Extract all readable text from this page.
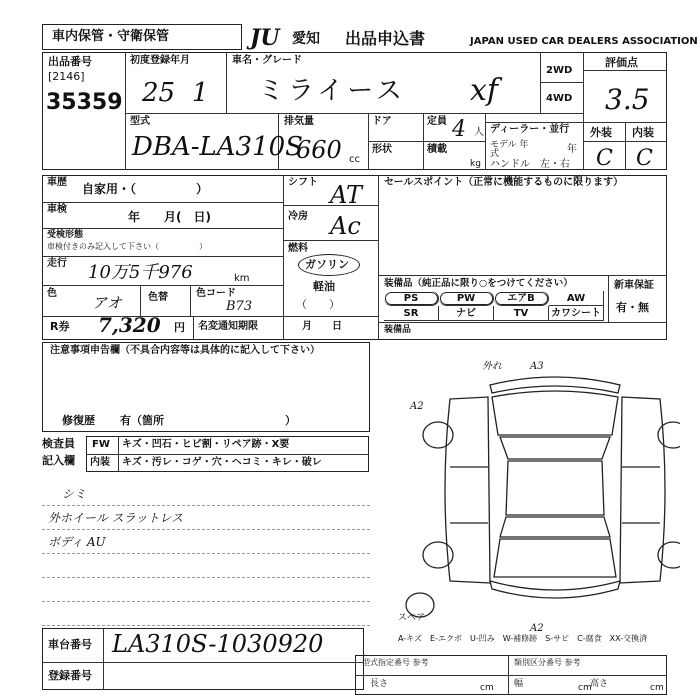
車内保管・守衛保管	JU 愛知 出品申込書	JAPAN USED CAR DEALERS ASSOCIATION
出品番号
[2146]
35359
初度登録年月
25 1
車名・グレード
ミライース xf
2WD
4WD
評価点
3.5
型式
DBA-LA310S
排気量
660 cc
ドア
形状
定員 4 人
積載
kg
ディーラー・並行
モデル 年式	年
ハンドル　左・右
外装 内装
C C
車歴 自家用・（　　　　　）
車検
年　　月(　日)
受検形態
車検付きのみ記入して下さい（　　　　　）
走行 10万5千976	km
色
アオ	色替	色コード
B73
シフト AT
冷房 Ac
燃料
ガソリン
軽油
（　　）
セールスポイント（正常に機能するものに限ります）
装備品（純正品に限り○をつけてください）
PS	PW	エアB	AW
SR	ナビ	TV	カワシート
新車保証
有・無
R券 7,320 円 名変通知期限	月　　日	装備品
注意事項申告欄（不具合内容等は具体的に記入して下さい）
修復歴 有（箇所　　　　　　　　　　　）
検査員
記入欄
FW キズ・凹石・ヒビ割・リペア跡・X要
内装 キズ・汚レ・コゲ・穴・ヘコミ・キレ・破レ
シミ
外ホイール スラットレス
ボディ AU
外れ	A3
A2
A2
スペア
A-キズ　E-エクボ　U-凹み　W-補修跡　S-サビ　C-腐食　XX-交換済
車台番号 LA310S-1030920
登録番号
型式指定番号 参考	類別区分番号 参考
長さ	cm 幅	cm
高さ	cm
